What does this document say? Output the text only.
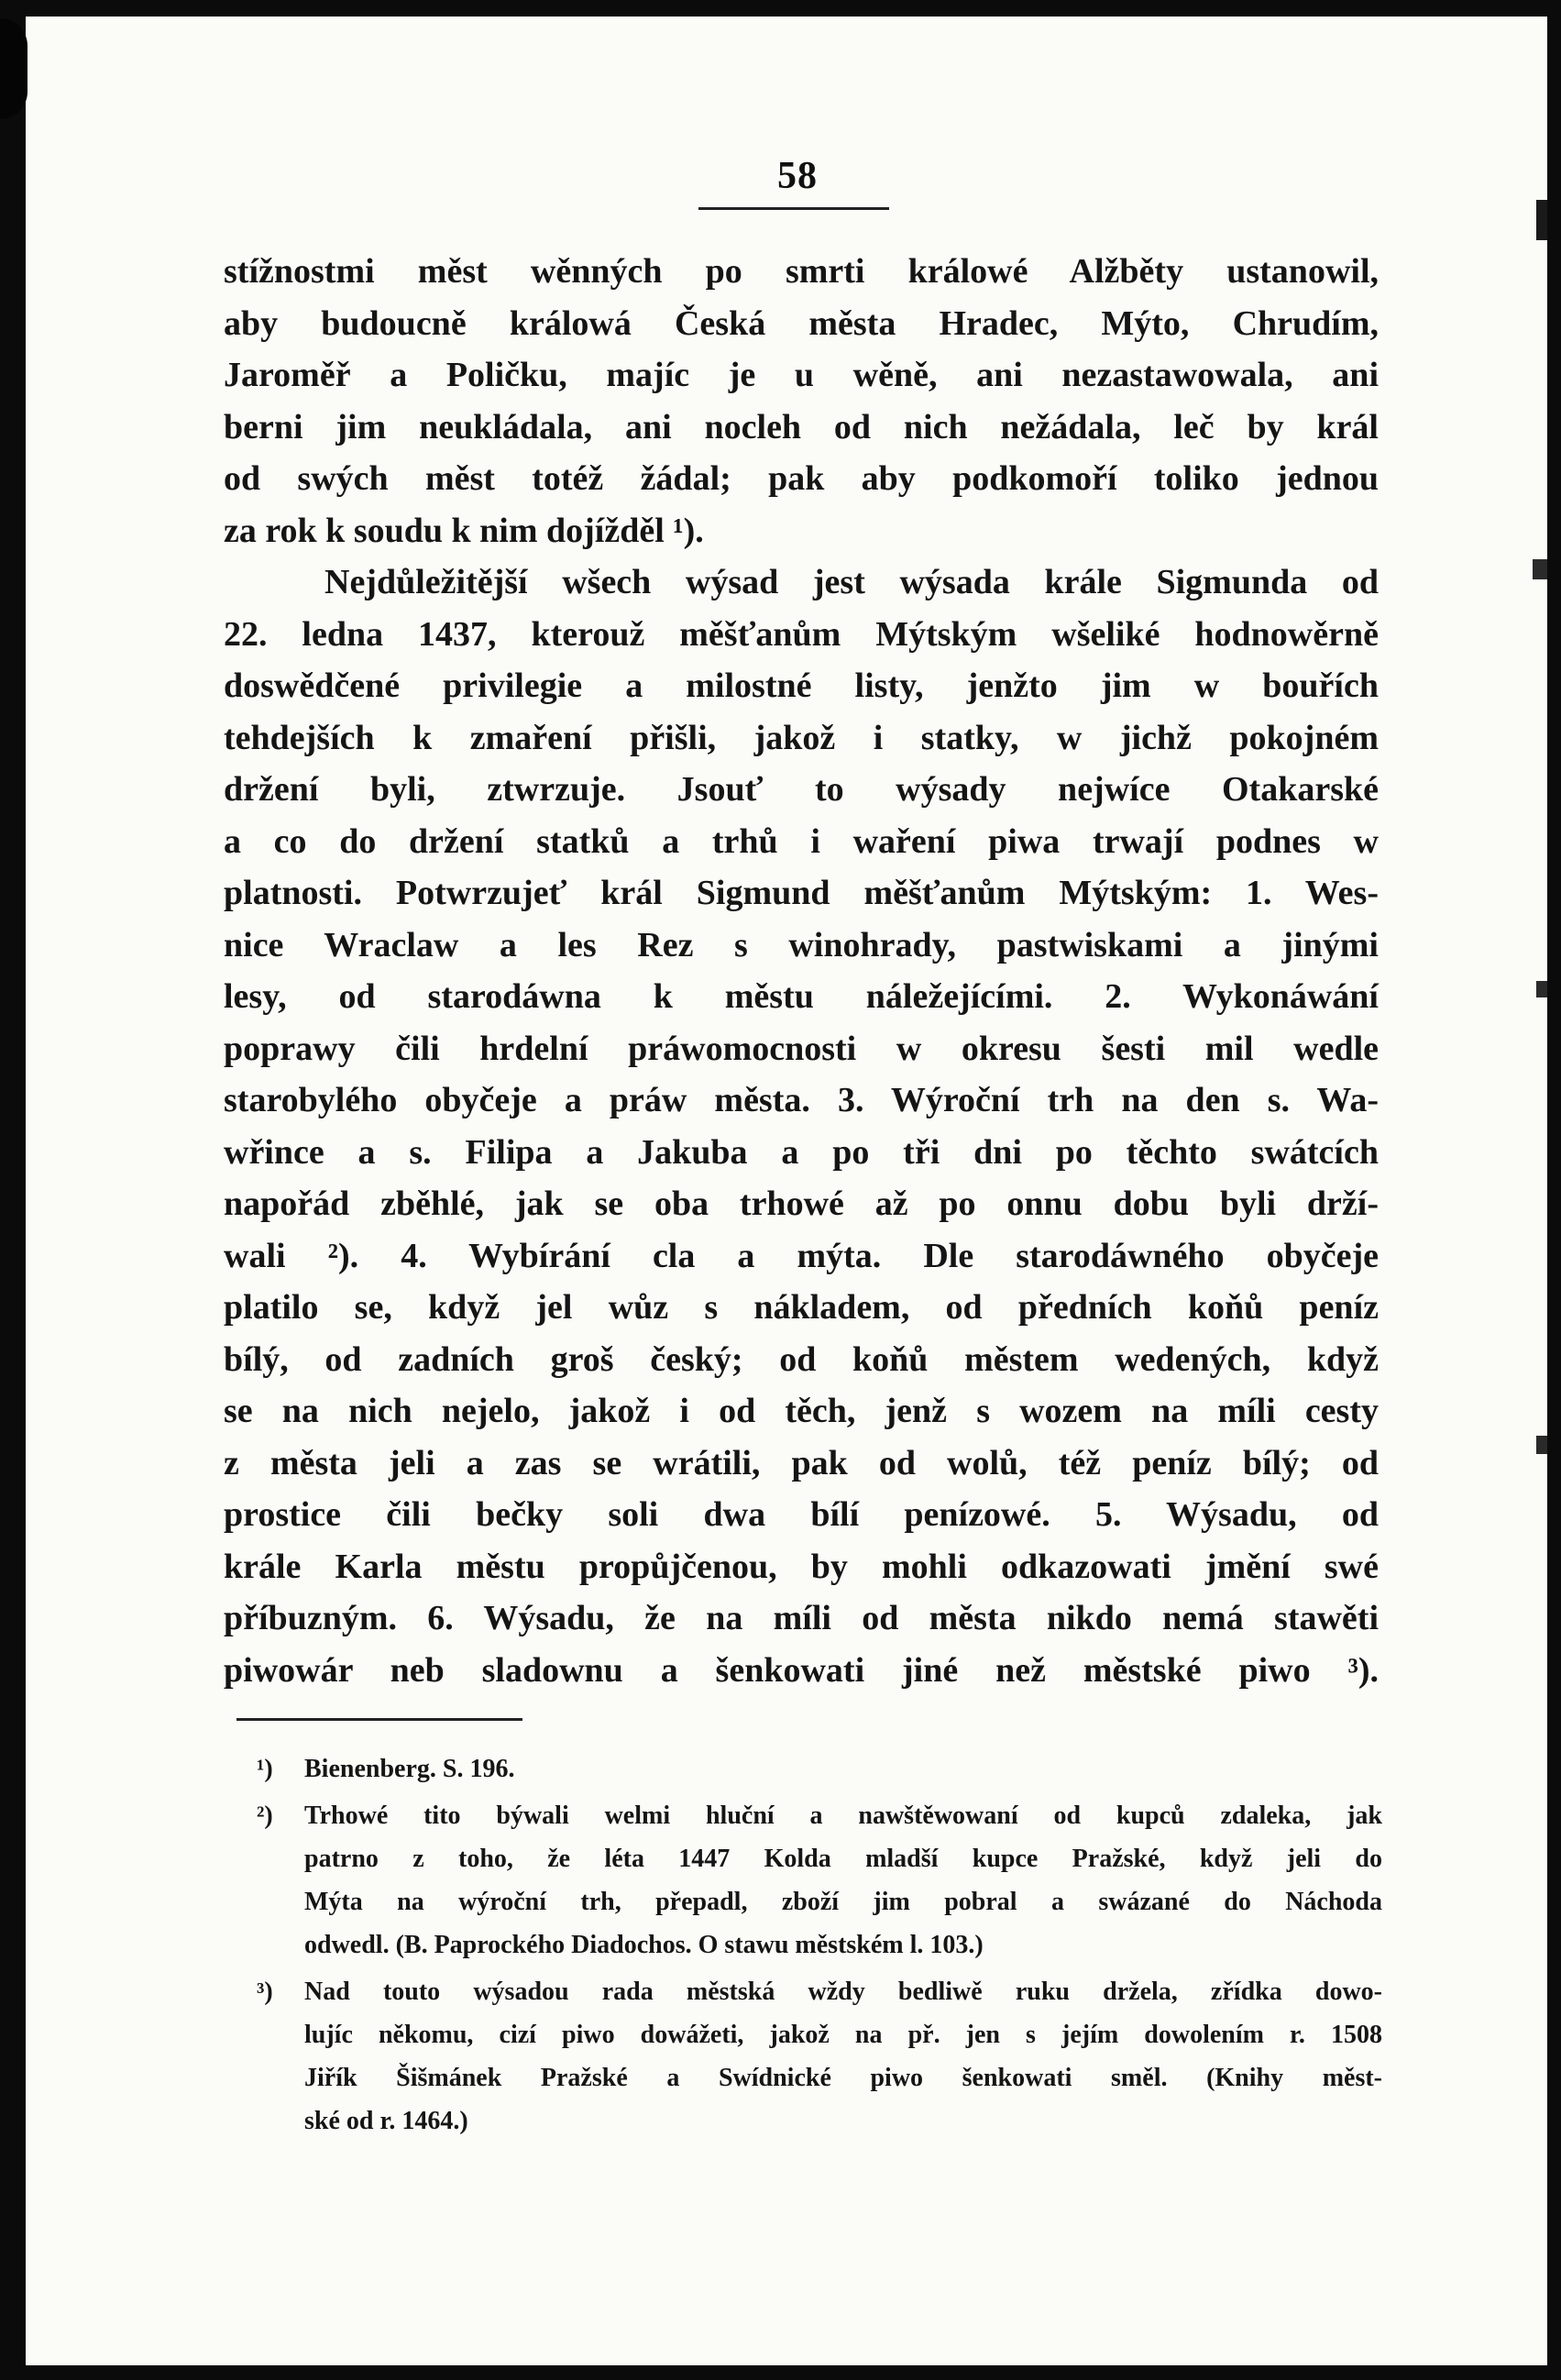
58

stížnostmi měst wěnných po smrti králowé Alžběty ustanowil,

aby budoucně králowá Česká města Hradec, Mýto, Chrudím,

Jaroměř a Poličku, majíc je u wěně, ani nezastawowala, ani

berni jim neukládala, ani nocleh od nich nežádala, leč by král

od swých měst totéž žádal; pak aby podkomoří toliko jednou

za rok k soudu k nim dojížděl ¹).

Nejdůležitější wšech wýsad jest wýsada krále Sigmunda od

22. ledna 1437, kterouž měšťanům Mýtským wšeliké hodnowěrně

doswědčené privilegie a milostné listy, jenžto jim w bouřích

tehdejších k zmaření přišli, jakož i statky, w jichž pokojném

držení byli, ztwrzuje. Jsouť to wýsady nejwíce Otakarské

a co do držení statků a trhů i waření piwa trwají podnes w

platnosti. Potwrzujeť král Sigmund měšťanům Mýtským: 1. Wes-

nice Wraclaw a les Rez s winohrady, pastwiskami a jinými

lesy, od starodáwna k městu náležejícími. 2. Wykonáwání

poprawy čili hrdelní práwomocnosti w okresu šesti mil wedle

starobylého obyčeje a práw města. 3. Wýroční trh na den s. Wa-

wřince a s. Filipa a Jakuba a po tři dni po těchto swátcích

napořád zběhlé, jak se oba trhowé až po onnu dobu byli drží-

wali ²). 4. Wybírání cla a mýta. Dle starodáwného obyčeje

platilo se, když jel wůz s nákladem, od předních koňů peníz

bílý, od zadních groš český; od koňů městem wedených, když

se na nich nejelo, jakož i od těch, jenž s wozem na míli cesty

z města jeli a zas se wrátili, pak od wolů, též peníz bílý; od

prostice čili bečky soli dwa bílí penízowé. 5. Wýsadu, od

krále Karla městu propůjčenou, by mohli odkazowati jmění swé

příbuzným. 6. Wýsadu, že na míli od města nikdo nemá stawěti

piwowár neb sladownu a šenkowati jiné než městské piwo ³).

¹) Bienenberg. S. 196.
²) Trhowé tito býwali welmi hluční a nawštěwowaní od kupců zdaleka, jak
patrno z toho, že léta 1447 Kolda mladší kupce Pražské, když jeli do
Mýta na wýroční trh, přepadl, zboží jim pobral a swázané do Náchoda
odwedl. (B. Paprockého Diadochos. O stawu městském l. 103.)
³) Nad touto wýsadou rada městská wždy bedliwě ruku držela, zřídka dowo-
lujíc někomu, cizí piwo dowážeti, jakož na př. jen s jejím dowolením r. 1508
Jiřík Šišmánek Pražské a Swídnické piwo šenkowati směl. (Knihy měst-
ské od r. 1464.)
